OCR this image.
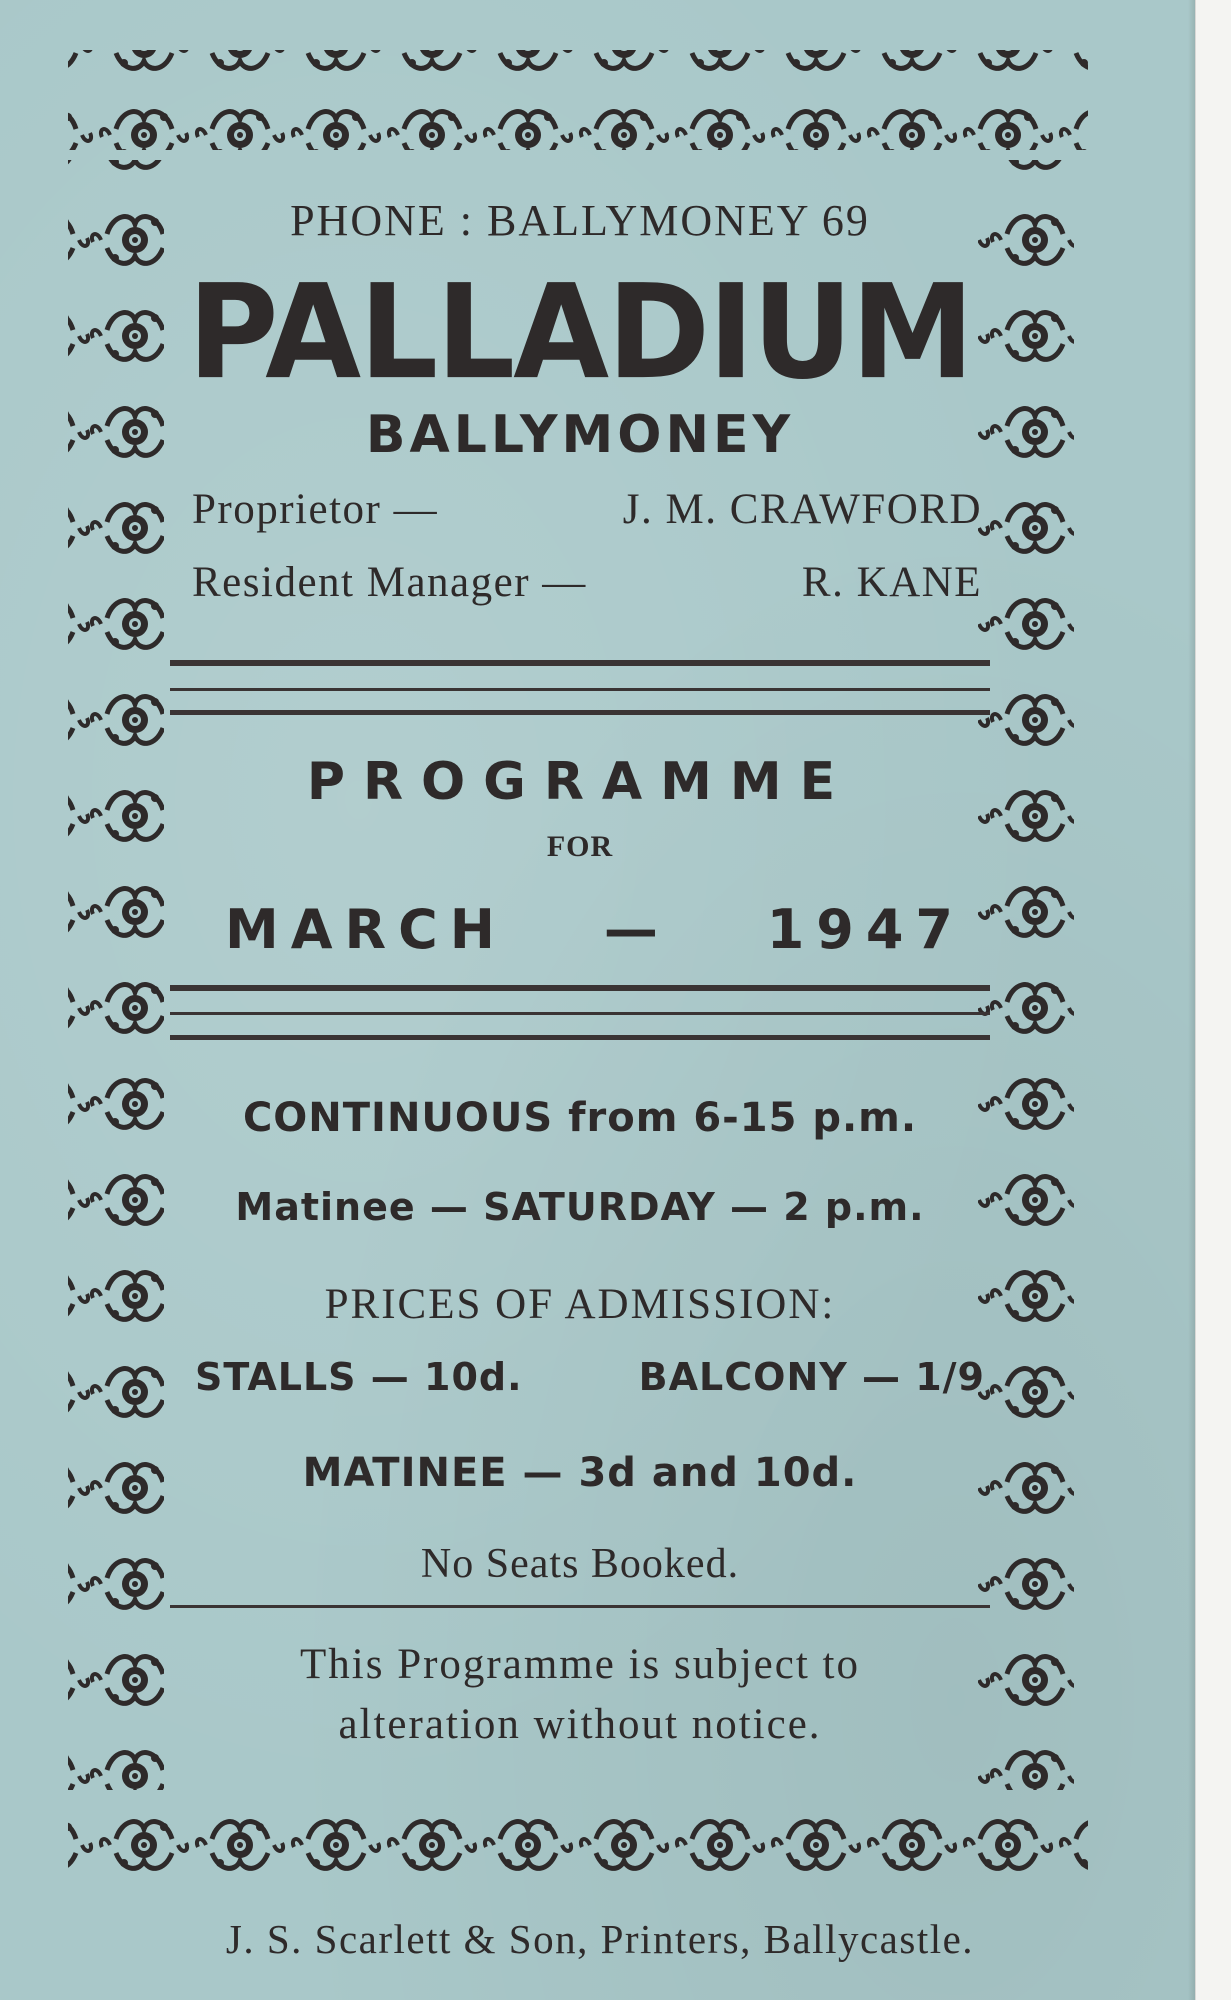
PHONE : BALLYMONEY 69
PALLADIUM
BALLYMONEY
Proprietor —	J. M. CRAWFORD
Resident Manager —	R. KANE
PROGRAMME
FOR
MARCH — 1947
CONTINUOUS from 6-15 p.m.
Matinee — SATURDAY — 2 p.m.
PRICES OF ADMISSION:
STALLS — 10d.	BALCONY — 1/9
MATINEE — 3d and 10d.
No Seats Booked.
This Programme is subject to
alteration without notice.
J. S. Scarlett & Son, Printers, Ballycastle.
